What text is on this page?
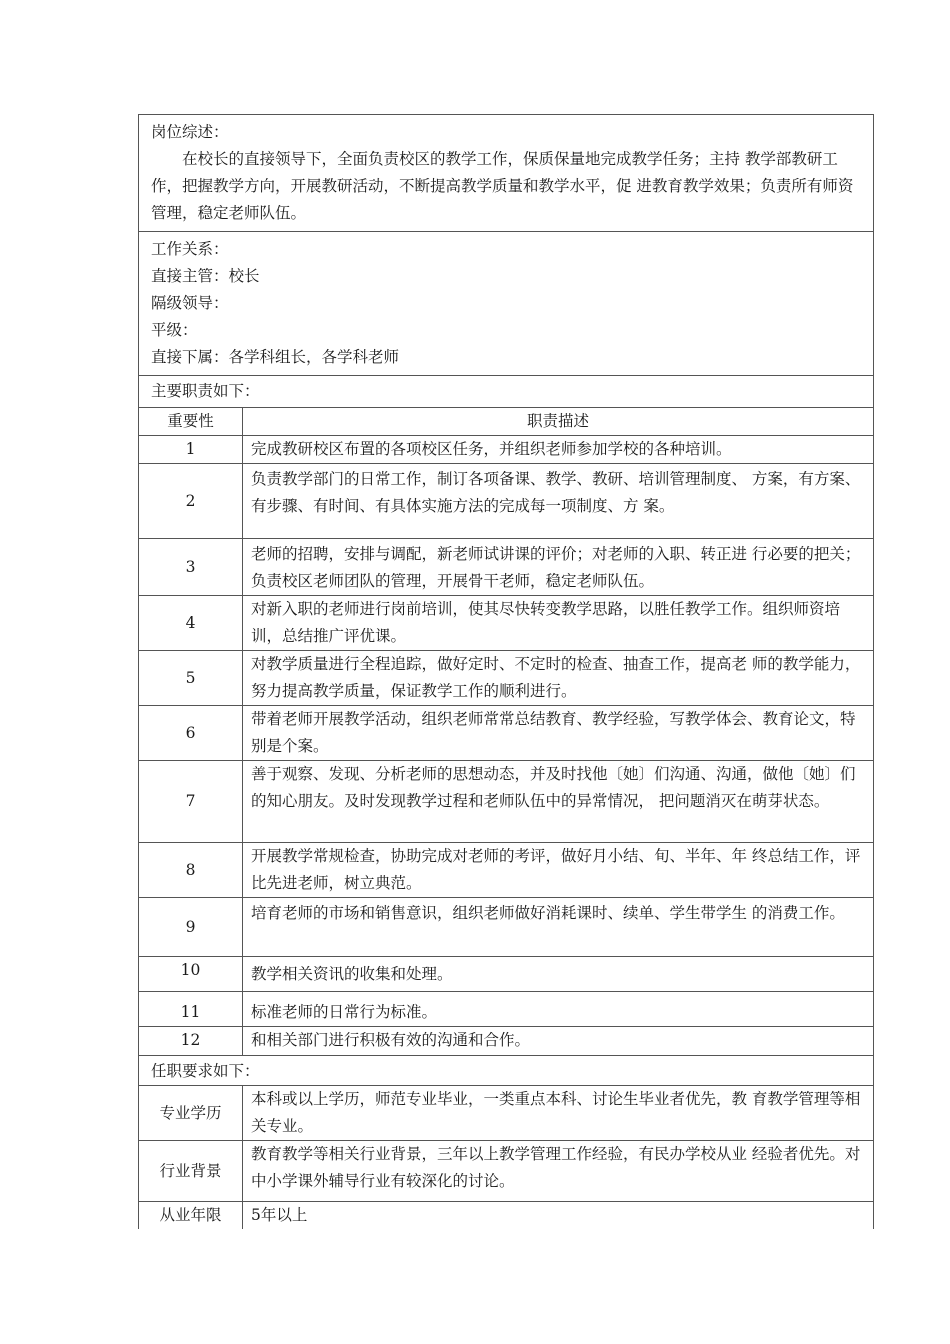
岗位综述：

在校长的直接领导下，全面负责校区的教学工作，保质保量地完成教学任务；主持 教学部教研工作，把握教学方向，开展教研活动，不断提高教学质量和教学水平，促 进教育教学效果；负责所有师资管理，稳定老师队伍。	

工作关系：

直接主管：校长

隔级领导：

平级：

直接下属：各学科组长，各学科老师	

主要职责如下：	
重要性	职责描述
1	完成教研校区布置的各项校区任务，并组织老师参加学校的各种培训。
2	负责教学部门的日常工作，制订各项备课、教学、教研、培训管理制度、 方案，有方案、有步骤、有时间、有具体实施方法的完成每一项制度、方 案。
3	老师的招聘，安排与调配，新老师试讲课的评价；对老师的入职、转正进 行必要的把关；负责校区老师团队的管理，开展骨干老师，稳定老师队伍。
4	对新入职的老师进行岗前培训，使其尽快转变教学思路，以胜任教学工作。组织师资培训，总结推广评优课。
5	对教学质量进行全程追踪，做好定时、不定时的检查、抽查工作，提高老 师的教学能力，努力提高教学质量，保证教学工作的顺利进行。
6	带着老师开展教学活动，组织老师常常总结教育、教学经验，写教学体会、教育论文，特别是个案。
7	善于观察、发现、分析老师的思想动态，并及时找他〔她〕们沟通、沟通，做他〔她〕们的知心朋友。及时发现教学过程和老师队伍中的异常情况， 把问题消灭在萌芽状态。
8	开展教学常规检查，协助完成对老师的考评，做好月小结、旬、半年、年 终总结工作，评比先进老师，树立典范。
9	培育老师的市场和销售意识，组织老师做好消耗课时、续单、学生带学生 的消费工作。
10	教学相关资讯的收集和处理。
11	标准老师的日常行为标准。
12	和相关部门进行积极有效的沟通和合作。
任职要求如下：	
专业学历	本科或以上学历，师范专业毕业，一类重点本科、讨论生毕业者优先，教 育教学管理等相关专业。
行业背景	教育教学等相关行业背景，三年以上教学管理工作经验，有民办学校从业 经验者优先。对中小学课外辅导行业有较深化的讨论。
从业年限	5年以上
